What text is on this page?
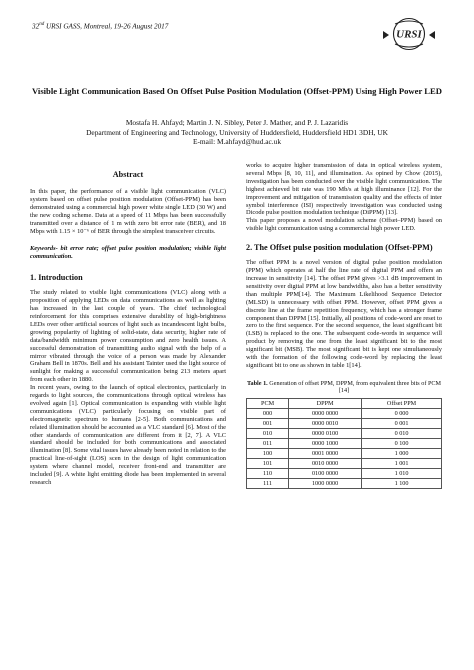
32nd URSI GASS, Montreal, 19-26 August 2017
URSI
Visible Light Communication Based On Offset Pulse Position Modulation (Offset-PPM) Using High Power LED
Mostafa H. Ahfayd; Martin J. N. Sibley, Peter J. Mather, and P. J. Lazaridis
Department of Engineering and Technology, University of Huddersfield, Huddersfield HD1 3DH, UK
E-mail: M.ahfayd@hud.ac.uk
Abstract

In this paper, the performance of a visible light communication (VLC) system based on offset pulse position modulation (Offset-PPM) has been demonstrated using a commercial high power white single LED (30 W) and the new coding scheme. Data at a speed of 11 Mbps has been successfully transmitted over a distance of 1 m with zero bit error rate (BER), and 18 Mbps with 1.15 × 10⁻⁶ of BER through the simplest transceiver circuits.

Keywords- bit error rate; offset pulse position modulation; visible light communication.

1. Introduction

The study related to visible light communications (VLC) along with a proposition of applying LEDs on data communications as well as lighting has increased in the last couple of years. The chief technological reinforcement for this comprises extensive durability of high-brightness LEDs over other artificial sources of light such as incandescent light bulbs, growing popularity of lighting of solid-state, data security, higher rate of data/bandwidth minimum power consumption and zero health issues. A successful demonstration of transmitting audio signal with the help of a mirror vibrated through the voice of a person was made by Alexander Graham Bell in 1870s. Bell and his assistant Tainter used the light source of sunlight for making a successful communication being 213 meters apart from each other in 1880.

In recent years, owing to the launch of optical electronics, particularly in regards to light sources, the communications through optical wireless has evolved again [1]. Optical communication is expanding with visible light communications (VLC) particularly focusing on visible part of electromagnetic spectrum to humans [2-5]. Both communications and related illumination should be accounted as a VLC standard [6]. Most of the other standards of communication are different from it [2, 7]. A VLC standard should be included for both communications and associated illumination [8]. Some vital issues have already been noted in relation to the practical line-of-sight (LOS) scen in the design of light communication system where channel model, receiver front-end and transmitter are included [9]. A white light emitting diode has been implemented in several research

works to acquire higher transmission of data in optical wireless system, several Mbps [8, 10, 11], and illumination. As opined by Chow (2015), investigation has been conducted over the visible light communication. The highest achieved bit rate was 190 Mb/s at high illuminance [12]. For the improvement and mitigation of transmission quality and the effects of inter symbol interference (ISI) respectively investigation was conducted using Dicode pulse position modulation technique (DiPPM) [13].

This paper proposes a novel modulation scheme (Offset–PPM) based on visible light communication using a commercial high power LED.

2. The Offset pulse position modulation (Offset-PPM)

The offset PPM is a novel version of digital pulse position modulation (PPM) which operates at half the line rate of digital PPM and offers an increase in sensitivity [14]. The offset PPM gives >3.1 dB improvement in sensitivity over digital PPM at low bandwidths, also has a better sensitivity than multiple PPM[14]. The Maximum Likelihood Sequence Detector (MLSD) is unnecessary with offset PPM. However, offset PPM gives a discrete line at the frame repetition frequency, which has a stronger frame component than DPPM [15]. Initially, all positions of code-word are reset to zero to the first sequence. For the second sequence, the least significant bit (LSB) is replaced to the one. The subsequent code-words in sequence will product by removing the one from the least significant bit to the most significant bit (MSB). The most significant bit is kept one simultaneously with the formation of the following code-word by replacing the least significant bit to one as shown in table 1[14].

Table 1. Generation of offset PPM, DPPM, from equivalent three bits of PCM [14]
PCM	DPPM	Offset PPM
000	0000 0000	0 000
001	0000 0010	0 001
010	0000 0100	0 010
011	0000 1000	0 100
100	0001 0000	1 000
101	0010 0000	1 001
110	0100 0000	1 010
111	1000 0000	1 100
